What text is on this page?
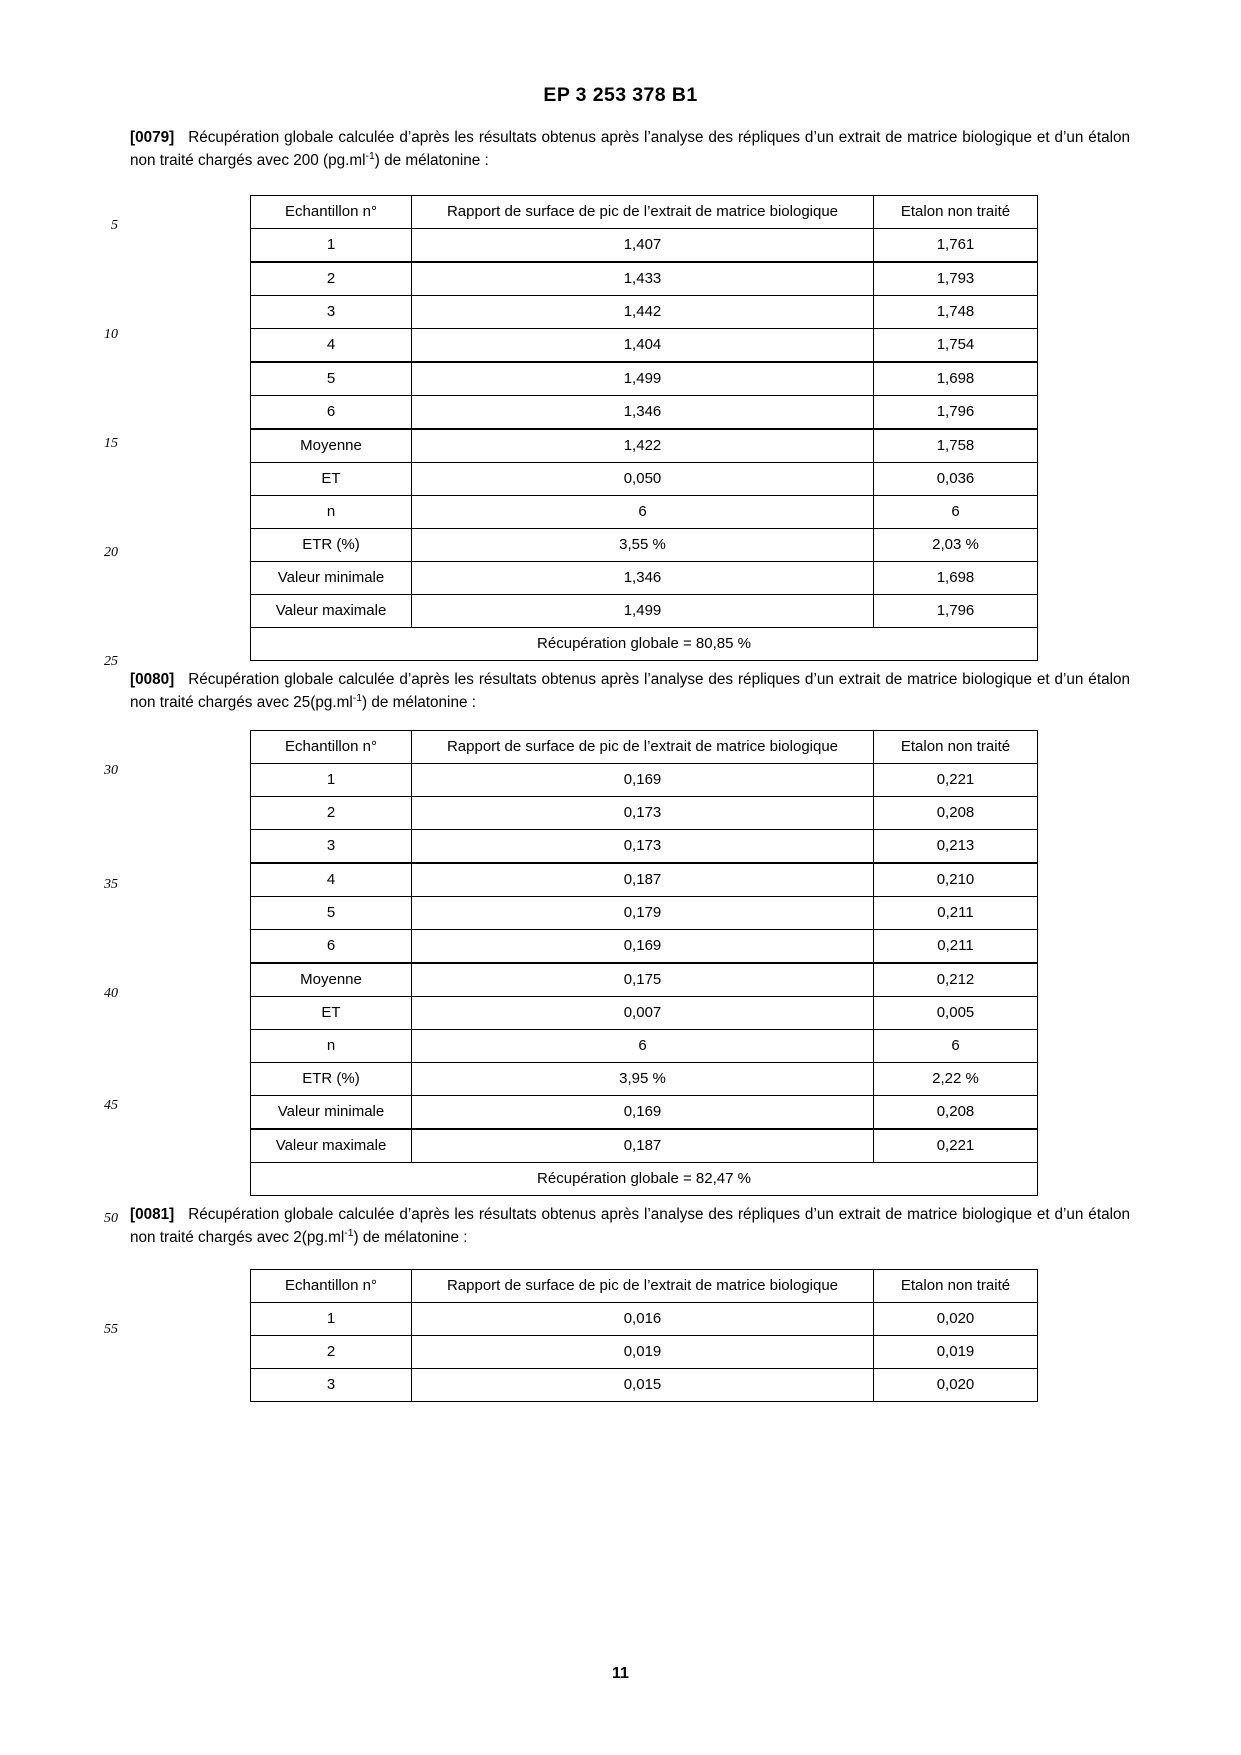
EP 3 253 378 B1
5
10
15
20
25
30
35
40
45
50
55

[0079] Récupération globale calculée d’après les résultats obtenus après l’analyse des répliques d’un extrait de matrice biologique et d’un étalon non traité chargés avec 200 $(pg.ml^{-1})$ de mélatonine :

Echantillon n°	Rapport de surface de pic de l’extrait de matrice biologique	Etalon non traité
1	1,407	1,761
2	1,433	1,793
3	1,442	1,748
4	1,404	1,754
5	1,499	1,698
6	1,346	1,796
Moyenne	1,422	1,758
ET	0,050	0,036
n	6	6
ETR (%)	3,55 %	2,03 %
Valeur minimale	1,346	1,698
Valeur maximale	1,499	1,796
Récupération globale = 80,85 %		

[0080] Récupération globale calculée d’après les résultats obtenus après l’analyse des répliques d’un extrait de matrice biologique et d’un étalon non traité chargés avec $25(pg.ml^{-1})$ de mélatonine :

Echantillon n°	Rapport de surface de pic de l’extrait de matrice biologique	Etalon non traité
1	0,169	0,221
2	0,173	0,208
3	0,173	0,213
4	0,187	0,210
5	0,179	0,211
6	0,169	0,211
Moyenne	0,175	0,212
ET	0,007	0,005
n	6	6
ETR (%)	3,95 %	2,22 %
Valeur minimale	0,169	0,208
Valeur maximale	0,187	0,221
Récupération globale = 82,47 %		

[0081] Récupération globale calculée d’après les résultats obtenus après l’analyse des répliques d’un extrait de matrice biologique et d’un étalon non traité chargés avec $2(pg.ml^{-1})$ de mélatonine :

Echantillon n°	Rapport de surface de pic de l’extrait de matrice biologique	Etalon non traité
1	0,016	0,020
2	0,019	0,019
3	0,015	0,020
11
